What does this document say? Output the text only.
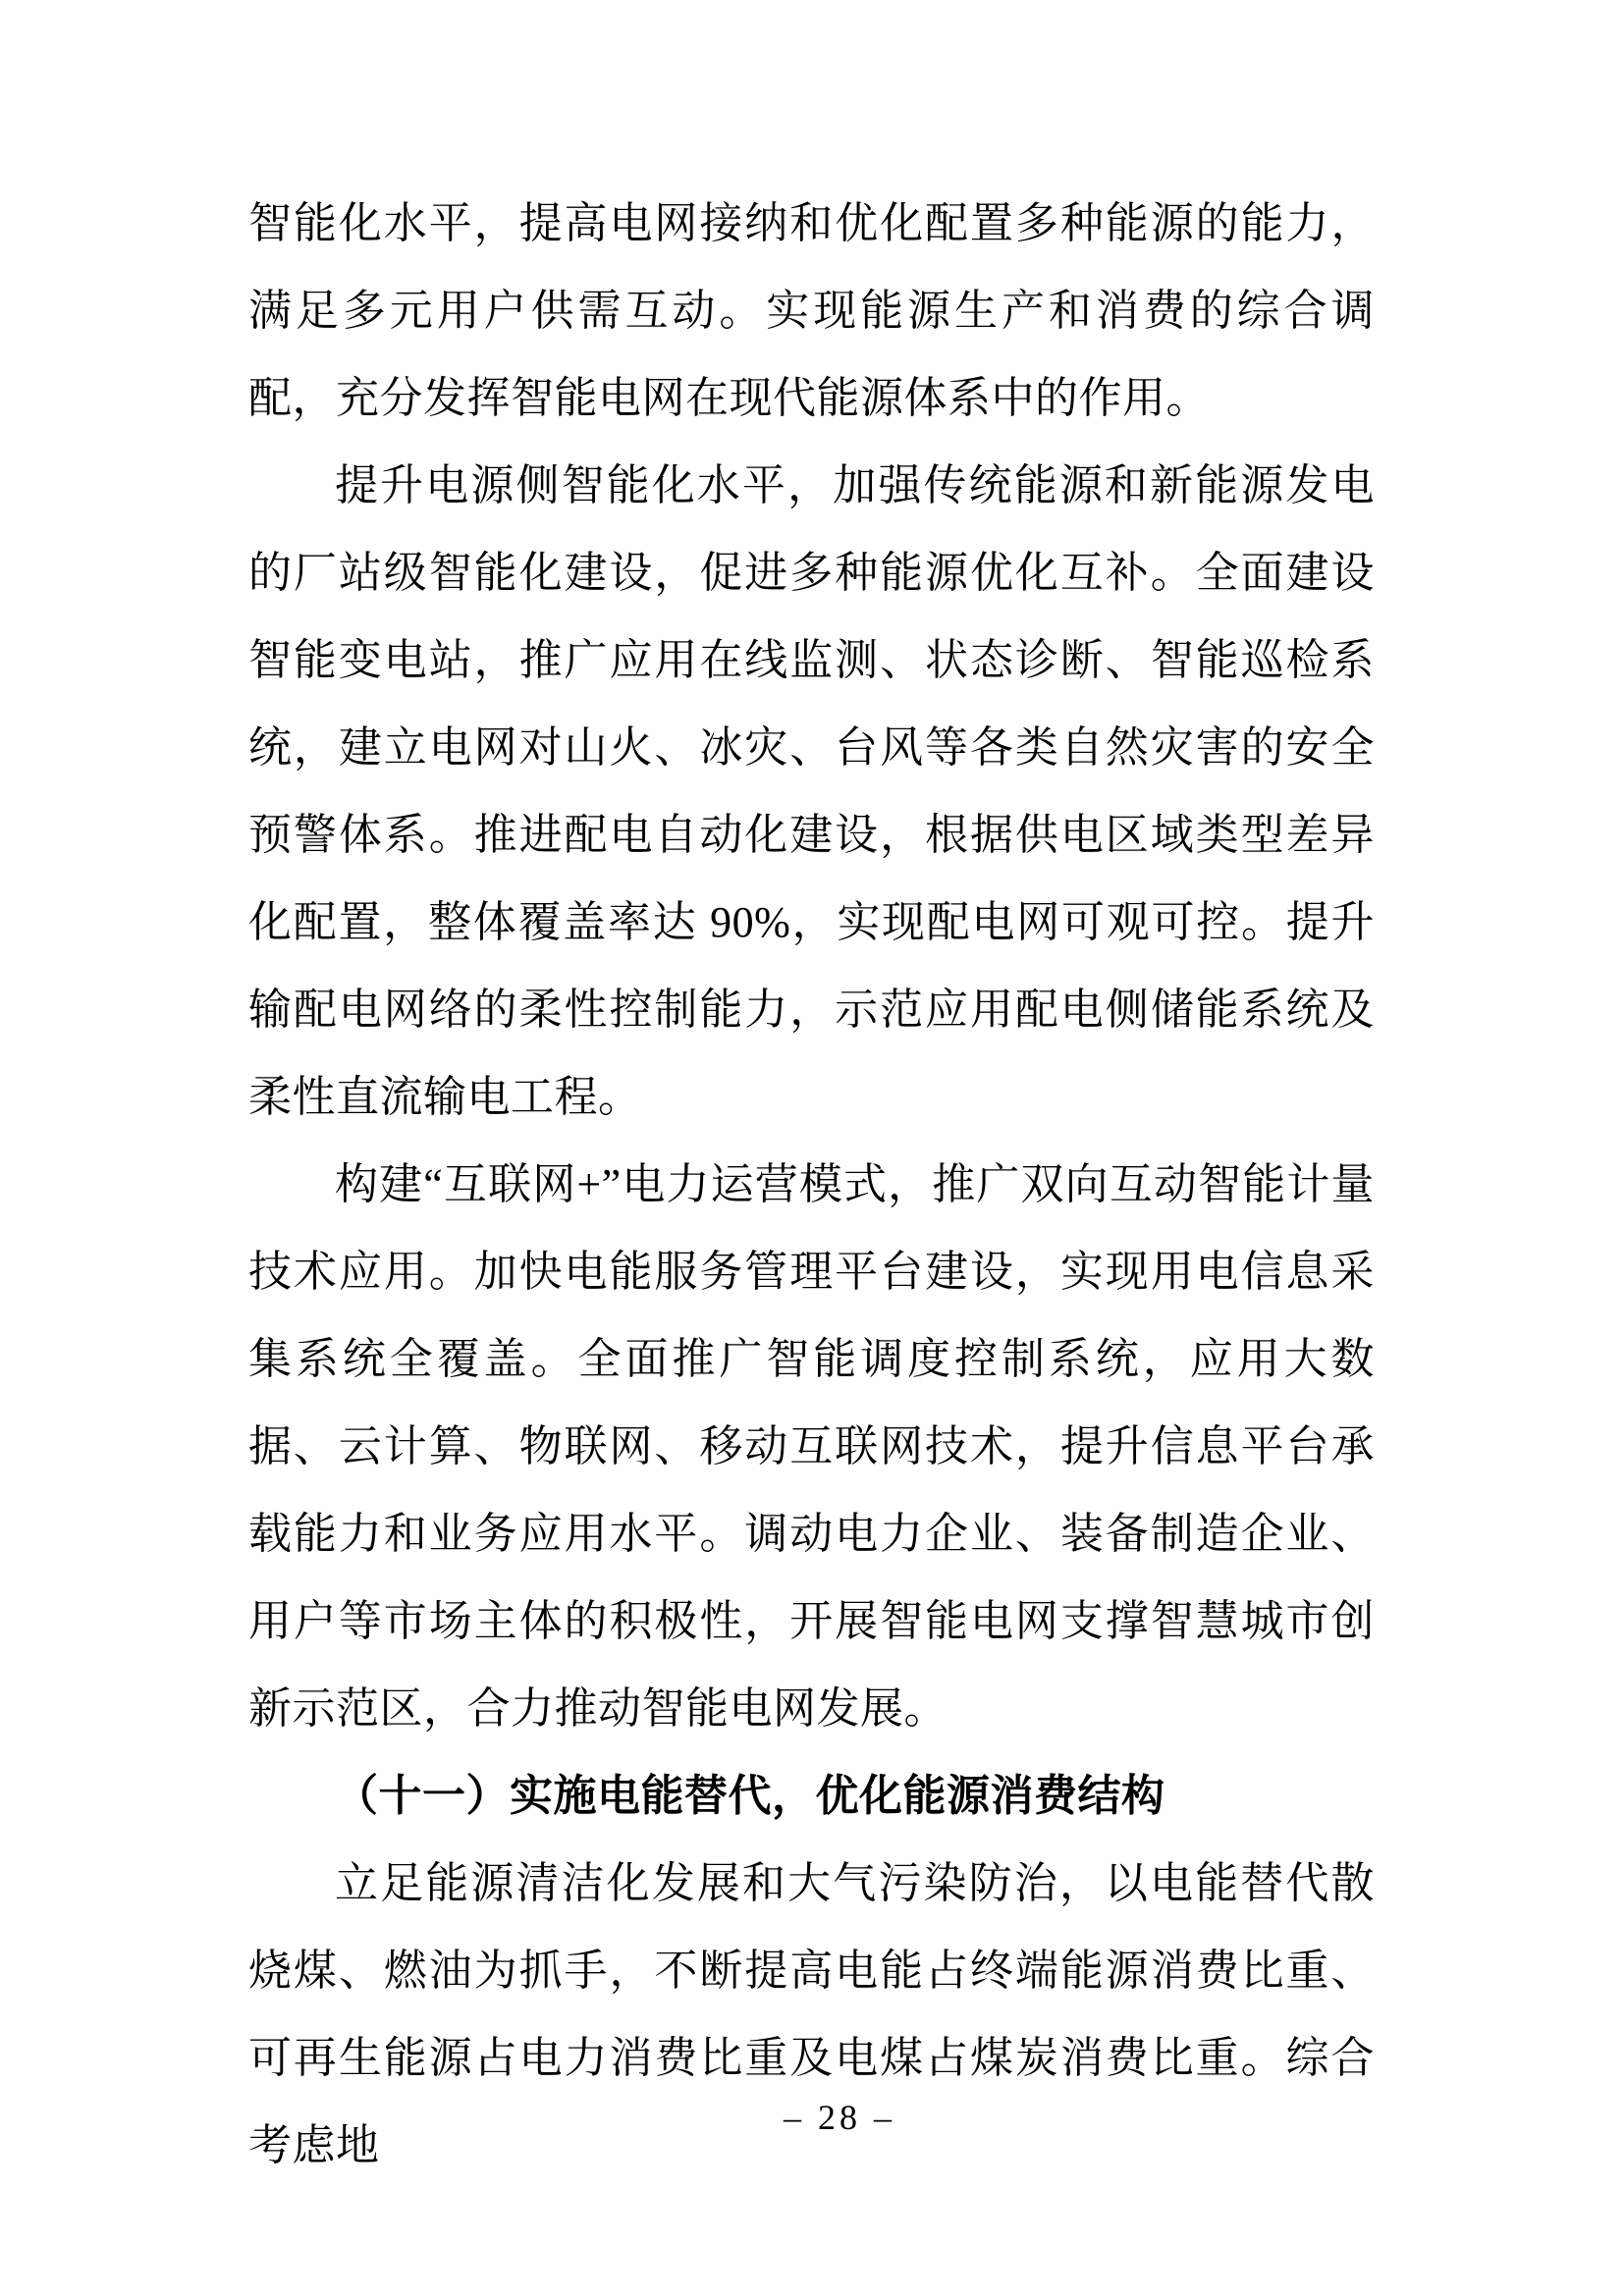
智能化水平，提高电网接纳和优化配置多种能源的能力，满足多元用户供需互动。实现能源生产和消费的综合调配，充分发挥智能电网在现代能源体系中的作用。

提升电源侧智能化水平，加强传统能源和新能源发电的厂站级智能化建设，促进多种能源优化互补。全面建设智能变电站，推广应用在线监测、状态诊断、智能巡检系统，建立电网对山火、冰灾、台风等各类自然灾害的安全预警体系。推进配电自动化建设，根据供电区域类型差异化配置，整体覆盖率达 90%，实现配电网可观可控。提升输配电网络的柔性控制能力，示范应用配电侧储能系统及柔性直流输电工程。

构建“互联网+”电力运营模式，推广双向互动智能计量技术应用。加快电能服务管理平台建设，实现用电信息采集系统全覆盖。全面推广智能调度控制系统，应用大数据、云计算、物联网、移动互联网技术，提升信息平台承载能力和业务应用水平。调动电力企业、装备制造企业、用户等市场主体的积极性，开展智能电网支撑智慧城市创新示范区，合力推动智能电网发展。

（十一）实施电能替代，优化能源消费结构

立足能源清洁化发展和大气污染防治，以电能替代散烧煤、燃油为抓手，不断提高电能占终端能源消费比重、可再生能源占电力消费比重及电煤占煤炭消费比重。综合考虑地

– 28 –
